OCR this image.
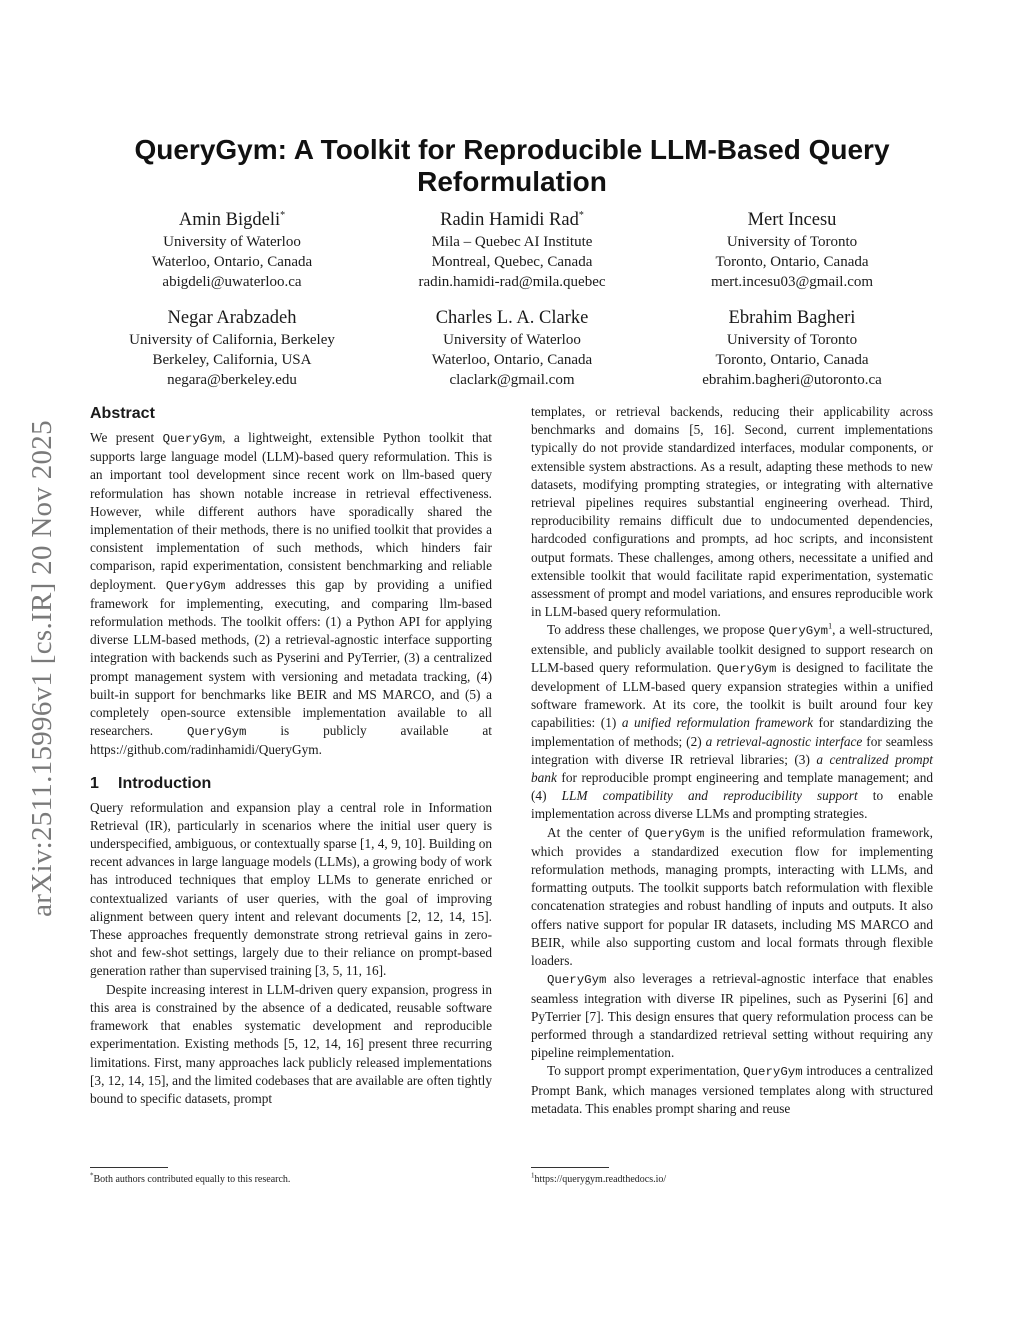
arXiv:2511.15996v1 [cs.IR] 20 Nov 2025
QueryGym: A Toolkit for Reproducible LLM-Based Query
Reformulation
Amin Bigdeli*
University of Waterloo
Waterloo, Ontario, Canada
abigdeli@uwaterloo.ca
Radin Hamidi Rad*
Mila – Quebec AI Institute
Montreal, Quebec, Canada
radin.hamidi-rad@mila.quebec
Mert Incesu
University of Toronto
Toronto, Ontario, Canada
mert.incesu03@gmail.com
Negar Arabzadeh
University of California, Berkeley
Berkeley, California, USA
negara@berkeley.edu
Charles L. A. Clarke
University of Waterloo
Waterloo, Ontario, Canada
claclark@gmail.com
Ebrahim Bagheri
University of Toronto
Toronto, Ontario, Canada
ebrahim.bagheri@utoronto.ca
Abstract

We present QueryGym, a lightweight, extensible Python toolkit that supports large language model (LLM)-based query reformulation. This is an important tool development since recent work on llm-based query reformulation has shown notable increase in retrieval effectiveness. However, while different authors have sporadically shared the implementation of their methods, there is no unified toolkit that provides a consistent implementation of such methods, which hinders fair comparison, rapid experimentation, consistent benchmarking and reliable deployment. QueryGym addresses this gap by providing a unified framework for implementing, executing, and comparing llm-based reformulation methods. The toolkit offers: (1) a Python API for applying diverse LLM-based methods, (2) a retrieval-agnostic interface supporting integration with backends such as Pyserini and PyTerrier, (3) a centralized prompt management system with versioning and metadata tracking, (4) built-in support for benchmarks like BEIR and MS MARCO, and (5) a completely open-source extensible implementation available to all researchers. QueryGym is publicly available at https://github.com/radinhamidi/QueryGym.

1 Introduction

Query reformulation and expansion play a central role in Information Retrieval (IR), particularly in scenarios where the initial user query is underspecified, ambiguous, or contextually sparse [1, 4, 9, 10]. Building on recent advances in large language models (LLMs), a growing body of work has introduced techniques that employ LLMs to generate enriched or contextualized variants of user queries, with the goal of improving alignment between query intent and relevant documents [2, 12, 14, 15]. These approaches frequently demonstrate strong retrieval gains in zero-shot and few-shot settings, largely due to their reliance on prompt-based generation rather than supervised training [3, 5, 11, 16].

Despite increasing interest in LLM-driven query expansion, progress in this area is constrained by the absence of a dedicated, reusable software framework that enables systematic development and reproducible experimentation. Existing methods [5, 12, 14, 16] present three recurring limitations. First, many approaches lack publicly released implementations [3, 12, 14, 15], and the limited codebases that are available are often tightly bound to specific datasets, prompt

templates, or retrieval backends, reducing their applicability across benchmarks and domains [5, 16]. Second, current implementations typically do not provide standardized interfaces, modular components, or extensible system abstractions. As a result, adapting these methods to new datasets, modifying prompting strategies, or integrating with alternative retrieval pipelines requires substantial engineering overhead. Third, reproducibility remains difficult due to undocumented dependencies, hardcoded configurations and prompts, ad hoc scripts, and inconsistent output formats. These challenges, among others, necessitate a unified and extensible toolkit that would facilitate rapid experimentation, systematic assessment of prompt and model variations, and ensures reproducible work in LLM-based query reformulation.

To address these challenges, we propose QueryGym$^1$, a well-structured, extensible, and publicly available toolkit designed to support research on LLM-based query reformulation. QueryGym is designed to facilitate the development of LLM-based query expansion strategies within a unified software framework. At its core, the toolkit is built around four key capabilities: (1) a unified reformulation framework for standardizing the implementation of methods; (2) a retrieval-agnostic interface for seamless integration with diverse IR retrieval libraries; (3) a centralized prompt bank for reproducible prompt engineering and template management; and (4) LLM compatibility and reproducibility support to enable implementation across diverse LLMs and prompting strategies.

At the center of QueryGym is the unified reformulation framework, which provides a standardized execution flow for implementing reformulation methods, managing prompts, interacting with LLMs, and formatting outputs. The toolkit supports batch reformulation with flexible concatenation strategies and robust handling of inputs and outputs. It also offers native support for popular IR datasets, including MS MARCO and BEIR, while also supporting custom and local formats through flexible loaders.

QueryGym also leverages a retrieval-agnostic interface that enables seamless integration with diverse IR pipelines, such as Pyserini [6] and PyTerrier [7]. This design ensures that query reformulation process can be performed through a standardized retrieval setting without requiring any pipeline reimplementation.

To support prompt experimentation, QueryGym introduces a centralized Prompt Bank, which manages versioned templates along with structured metadata. This enables prompt sharing and reuse

*Both authors contributed equally to this research.	$^1$https://querygym.readthedocs.io/
